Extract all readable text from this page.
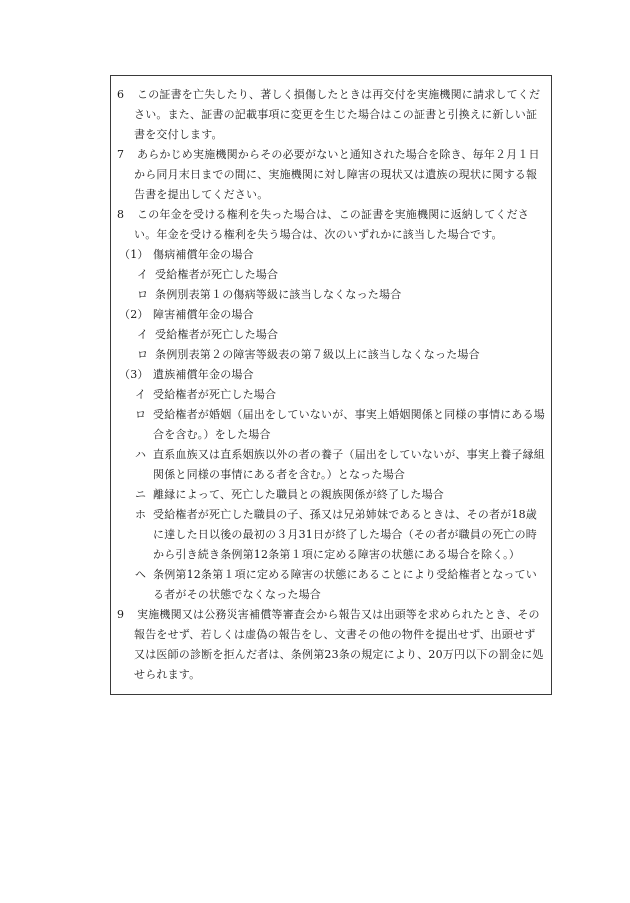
6 この証書を亡失したり、著しく損傷したときは再交付を実施機関に請求してください。また、証書の記載事項に変更を生じた場合はこの証書と引換えに新しい証書を交付します。

7 あらかじめ実施機関からその必要がないと通知された場合を除き、毎年２月１日から同月末日までの間に、実施機関に対し障害の現状又は遺族の現状に関する報告書を提出してください。

8 この年金を受ける権利を失った場合は、この証書を実施機関に返納してください。年金を受ける権利を失う場合は、次のいずれかに該当した場合です。

（1） 傷病補償年金の場合

イ 受給権者が死亡した場合

ロ 条例別表第１の傷病等級に該当しなくなった場合

（2） 障害補償年金の場合

イ 受給権者が死亡した場合

ロ 条例別表第２の障害等級表の第７級以上に該当しなくなった場合

（3） 遺族補償年金の場合

イ 受給権者が死亡した場合

ロ 受給権者が婚姻（届出をしていないが、事実上婚姻関係と同様の事情にある場合を含む。）をした場合

ハ 直系血族又は直系姻族以外の者の養子（届出をしていないが、事実上養子縁組関係と同様の事情にある者を含む。）となった場合

ニ 離縁によって、死亡した職員との親族関係が終了した場合

ホ 受給権者が死亡した職員の子、孫又は兄弟姉妹であるときは、その者が18歳に達した日以後の最初の３月31日が終了した場合（その者が職員の死亡の時から引き続き条例第12条第１項に定める障害の状態にある場合を除く。）

ヘ 条例第12条第１項に定める障害の状態にあることにより受給権者となっている者がその状態でなくなった場合

9 実施機関又は公務災害補償等審査会から報告又は出頭等を求められたとき、その報告をせず、若しくは虚偽の報告をし、文書その他の物件を提出せず、出頭せず又は医師の診断を拒んだ者は、条例第23条の規定により、20万円以下の罰金に処せられます。
